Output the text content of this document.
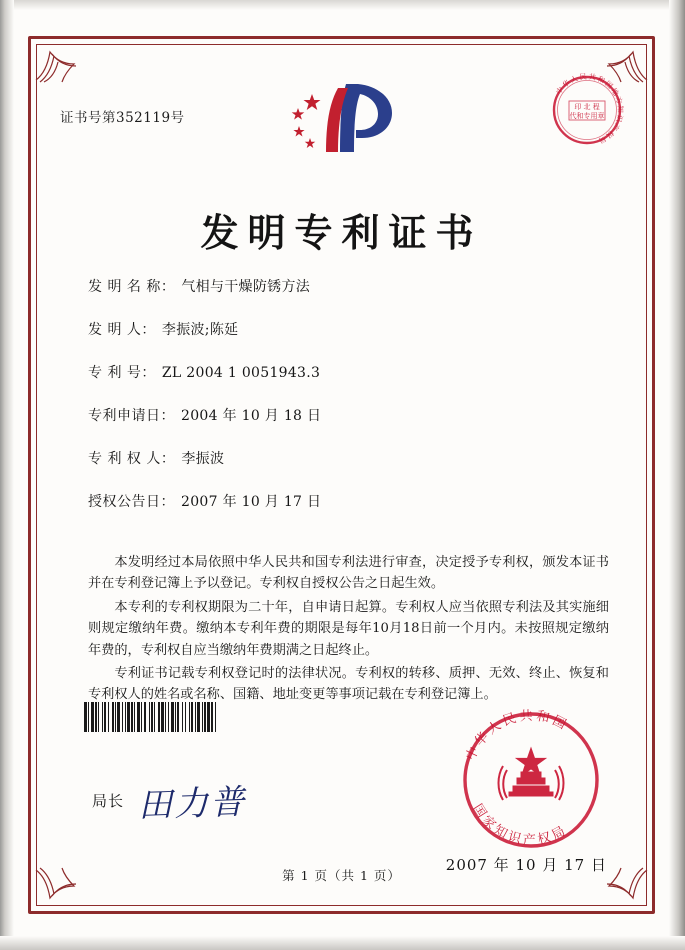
证书号第352119号
中华人民共和国地方知识产权局
印 北 程
代和专用章
发明专利证书
发 明 名 称： 气相与干燥防锈方法
发 明 人： 李振波;陈延
专 利 号： ZL 2004 1 0051943.3
专利申请日： 2004 年 10 月 18 日
专 利 权 人： 李振波
授权公告日： 2007 年 10 月 17 日

本发明经过本局依照中华人民共和国专利法进行审查，决定授予专利权，颁发本证书并在专利登记簿上予以登记。专利权自授权公告之日起生效。

本专利的专利权期限为二十年，自申请日起算。专利权人应当依照专利法及其实施细则规定缴纳年费。缴纳本专利年费的期限是每年10月18日前一个月内。未按照规定缴纳年费的，专利权自应当缴纳年费期满之日起终止。

专利证书记载专利权登记时的法律状况。专利权的转移、质押、无效、终止、恢复和专利权人的姓名或名称、国籍、地址变更等事项记载在专利登记簿上。

局长 田力普
中华人民共和国
国家知识产权局
2007 年 10 月 17 日
第 1 页（共 1 页）
